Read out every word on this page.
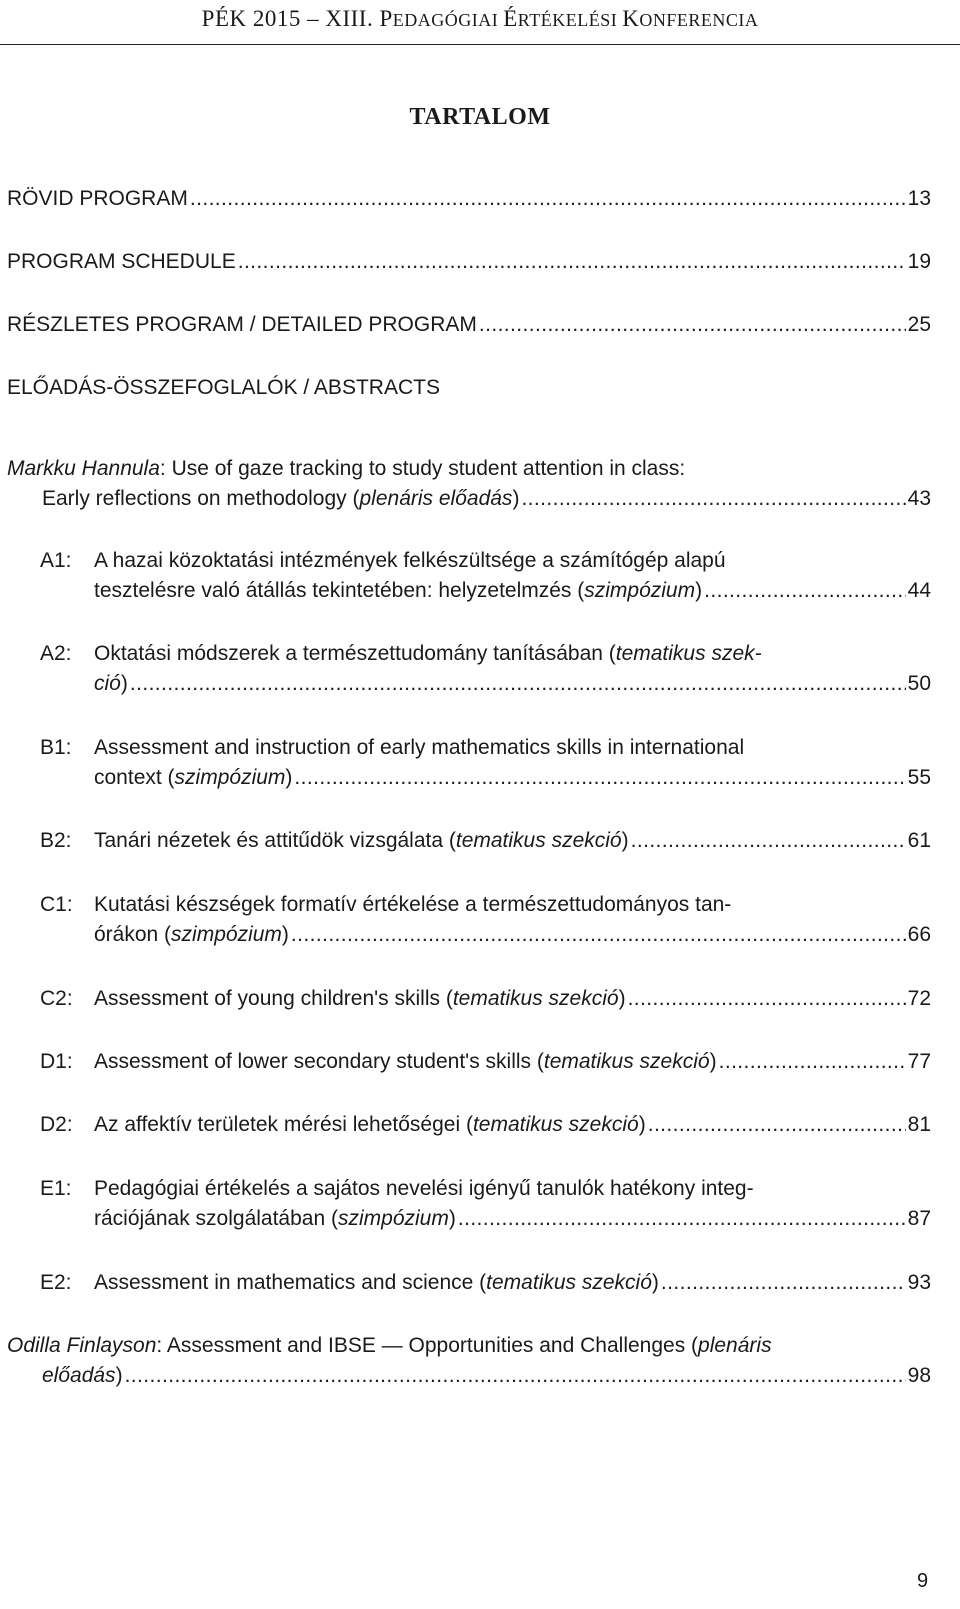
PÉK 2015 – XIII. PEDAGÓGIAI ÉRTÉKELÉSI KONFERENCIA
TARTALOM
RÖVID PROGRAM .....	13
PROGRAM SCHEDULE .....	19
RÉSZLETES PROGRAM / DETAILED PROGRAM .....	25
ELŐADÁS-ÖSSZEFOGLALÓK / ABSTRACTS
Markku Hannula: Use of gaze tracking to study student attention in class:
Early reflections on methodology (plenáris előadás) .....	43
A1: A hazai közoktatási intézmények felkészültsége a számítógép alapú
tesztelésre való átállás tekintetében: helyzetelmzés (szimpózium) .....	44
A2: Oktatási módszerek a természettudomány tanításában (tematikus szek-
ció) .....	50
B1: Assessment and instruction of early mathematics skills in international
context (szimpózium) .....	55
B2: Tanári nézetek és attitűdök vizsgálata (tematikus szekció) .....	61
C1: Kutatási készségek formatív értékelése a természettudományos tan-
órákon (szimpózium) .....	66
C2: Assessment of young children's skills (tematikus szekció) .....	72
D1: Assessment of lower secondary student's skills (tematikus szekció) .....	77
D2: Az affektív területek mérési lehetőségei (tematikus szekció) .....	81
E1: Pedagógiai értékelés a sajátos nevelési igényű tanulók hatékony integ-
rációjának szolgálatában (szimpózium) .....	87
E2: Assessment in mathematics and science (tematikus szekció) .....	93
Odilla Finlayson: Assessment and IBSE — Opportunities and Challenges (plenáris
előadás) .....	98
9
